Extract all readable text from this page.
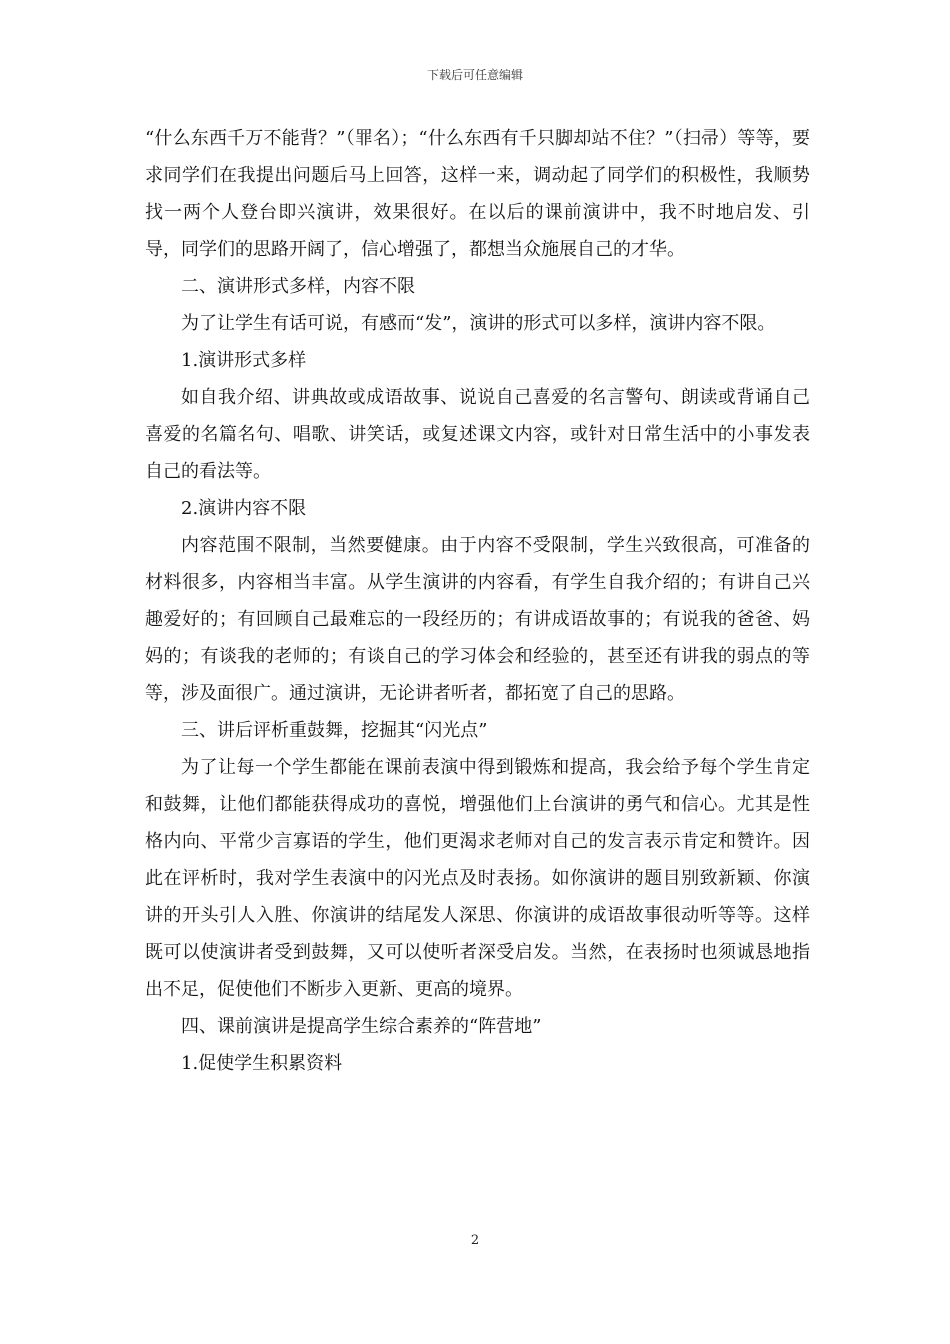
下载后可任意编辑

“什么东西千万不能背？”（罪名）；“什么东西有千只脚却站不住？”（扫帚）等等，要求同学们在我提出问题后马上回答，这样一来，调动起了同学们的积极性，我顺势找一两个人登台即兴演讲，效果很好。在以后的课前演讲中，我不时地启发、引导，同学们的思路开阔了，信心增强了，都想当众施展自己的才华。

二、演讲形式多样，内容不限

为了让学生有话可说，有感而“发”，演讲的形式可以多样，演讲内容不限。

1.演讲形式多样

如自我介绍、讲典故或成语故事、说说自己喜爱的名言警句、朗读或背诵自己喜爱的名篇名句、唱歌、讲笑话，或复述课文内容，或针对日常生活中的小事发表自己的看法等。

2.演讲内容不限

内容范围不限制，当然要健康。由于内容不受限制，学生兴致很高，可准备的材料很多，内容相当丰富。从学生演讲的内容看，有学生自我介绍的；有讲自己兴趣爱好的；有回顾自己最难忘的一段经历的；有讲成语故事的；有说我的爸爸、妈妈的；有谈我的老师的；有谈自己的学习体会和经验的，甚至还有讲我的弱点的等等，涉及面很广。通过演讲，无论讲者听者，都拓宽了自己的思路。

三、讲后评析重鼓舞，挖掘其“闪光点”

为了让每一个学生都能在课前表演中得到锻炼和提高，我会给予每个学生肯定和鼓舞，让他们都能获得成功的喜悦，增强他们上台演讲的勇气和信心。尤其是性格内向、平常少言寡语的学生，他们更渴求老师对自己的发言表示肯定和赞许。因此在评析时，我对学生表演中的闪光点及时表扬。如你演讲的题目别致新颖、你演讲的开头引人入胜、你演讲的结尾发人深思、你演讲的成语故事很动听等等。这样既可以使演讲者受到鼓舞，又可以使听者深受启发。当然，在表扬时也须诚恳地指出不足，促使他们不断步入更新、更高的境界。

四、课前演讲是提高学生综合素养的“阵营地”

1.促使学生积累资料

2
